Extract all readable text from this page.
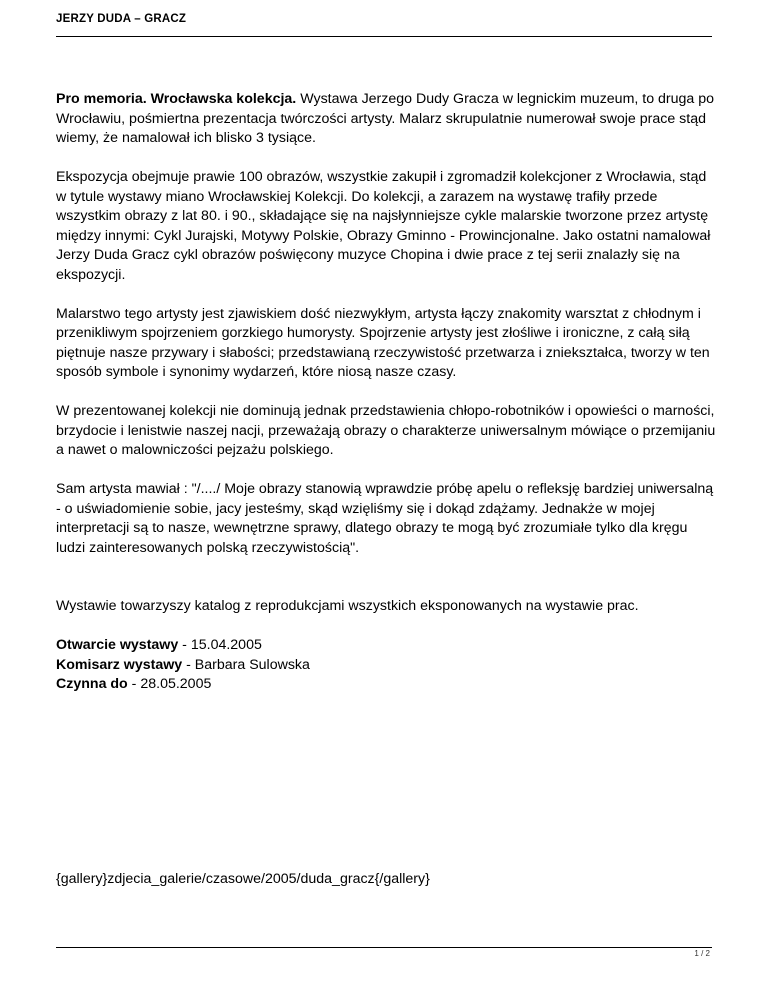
JERZY DUDA – GRACZ

Pro memoria. Wrocławska kolekcja. Wystawa Jerzego Dudy Gracza w legnickim muzeum, to druga po Wrocławiu, pośmiertna prezentacja twórczości artysty. Malarz skrupulatnie numerował swoje prace stąd wiemy, że namalował ich blisko 3 tysiące.

Ekspozycja obejmuje prawie 100 obrazów, wszystkie zakupił i zgromadził kolekcjoner z Wrocławia, stąd w tytule wystawy miano Wrocławskiej Kolekcji. Do kolekcji, a zarazem na wystawę trafiły przede wszystkim obrazy z lat 80. i 90., składające się na najsłynniejsze cykle malarskie tworzone przez artystę między innymi: Cykl Jurajski, Motywy Polskie, Obrazy Gminno - Prowincjonalne. Jako ostatni namalował Jerzy Duda Gracz cykl obrazów poświęcony muzyce Chopina i dwie prace z tej serii znalazły się na ekspozycji.

Malarstwo tego artysty jest zjawiskiem dość niezwykłym, artysta łączy znakomity warsztat z chłodnym i przenikliwym spojrzeniem gorzkiego humorysty. Spojrzenie artysty jest złośliwe i ironiczne, z całą siłą piętnuje nasze przywary i słabości; przedstawianą rzeczywistość przetwarza i zniekształca, tworzy w ten sposób symbole i synonimy wydarzeń, które niosą nasze czasy.

W prezentowanej kolekcji nie dominują jednak przedstawienia chłopo-robotników i opowieści o marności, brzydocie i lenistwie naszej nacji, przeważają obrazy o charakterze uniwersalnym mówiące o przemijaniu a nawet o malowniczości pejzażu polskiego.

Sam artysta mawiał : "/..../ Moje obrazy stanowią wprawdzie próbę apelu o refleksję bardziej uniwersalną - o uświadomienie sobie, jacy jesteśmy, skąd wzięliśmy się i dokąd zdążamy. Jednakże w mojej interpretacji są to nasze, wewnętrzne sprawy, dlatego obrazy te mogą być zrozumiałe tylko dla kręgu ludzi zainteresowanych polską rzeczywistością".

Wystawie towarzyszy katalog z reprodukcjami wszystkich eksponowanych na wystawie prac.

Otwarcie wystawy - 15.04.2005

Komisarz wystawy - Barbara Sulowska

Czynna do - 28.05.2005

{gallery}zdjecia_galerie/czasowe/2005/duda_gracz{/gallery}
1 / 2
